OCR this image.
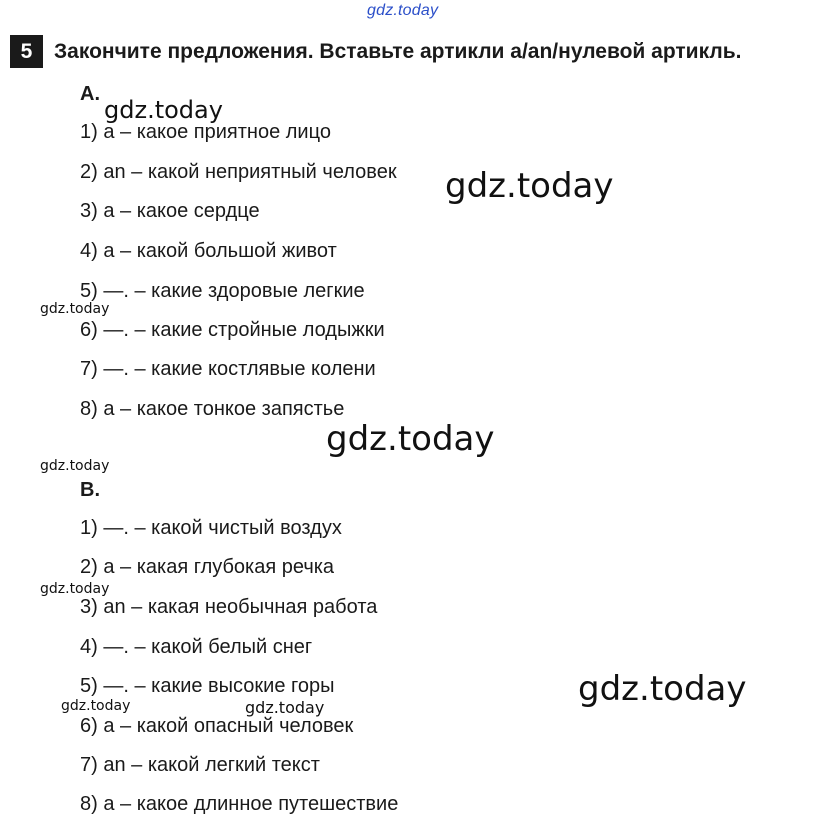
gdz.today
5	Закончите предложения. Вставьте артикли a/an/нулевой артикль.
A.
1) a – какое приятное лицо
2) an – какой неприятный человек
3) a – какое сердце
4) a – какой большой живот
5) —. – какие здоровые легкие
6) —. – какие стройные лодыжки
7) —. – какие костлявые колени
8) a – какое тонкое запястье
B.
1) —. – какой чистый воздух
2) a – какая глубокая речка
3) an – какая необычная работа
4) —. – какой белый снег
5) —. – какие высокие горы
6) a – какой опасный человек
7) an – какой легкий текст
8) a – какое длинное путешествие
gdz.today
gdz.today
gdz.today
gdz.today
gdz.today
gdz.today
gdz.today
gdz.today	gdz.today
